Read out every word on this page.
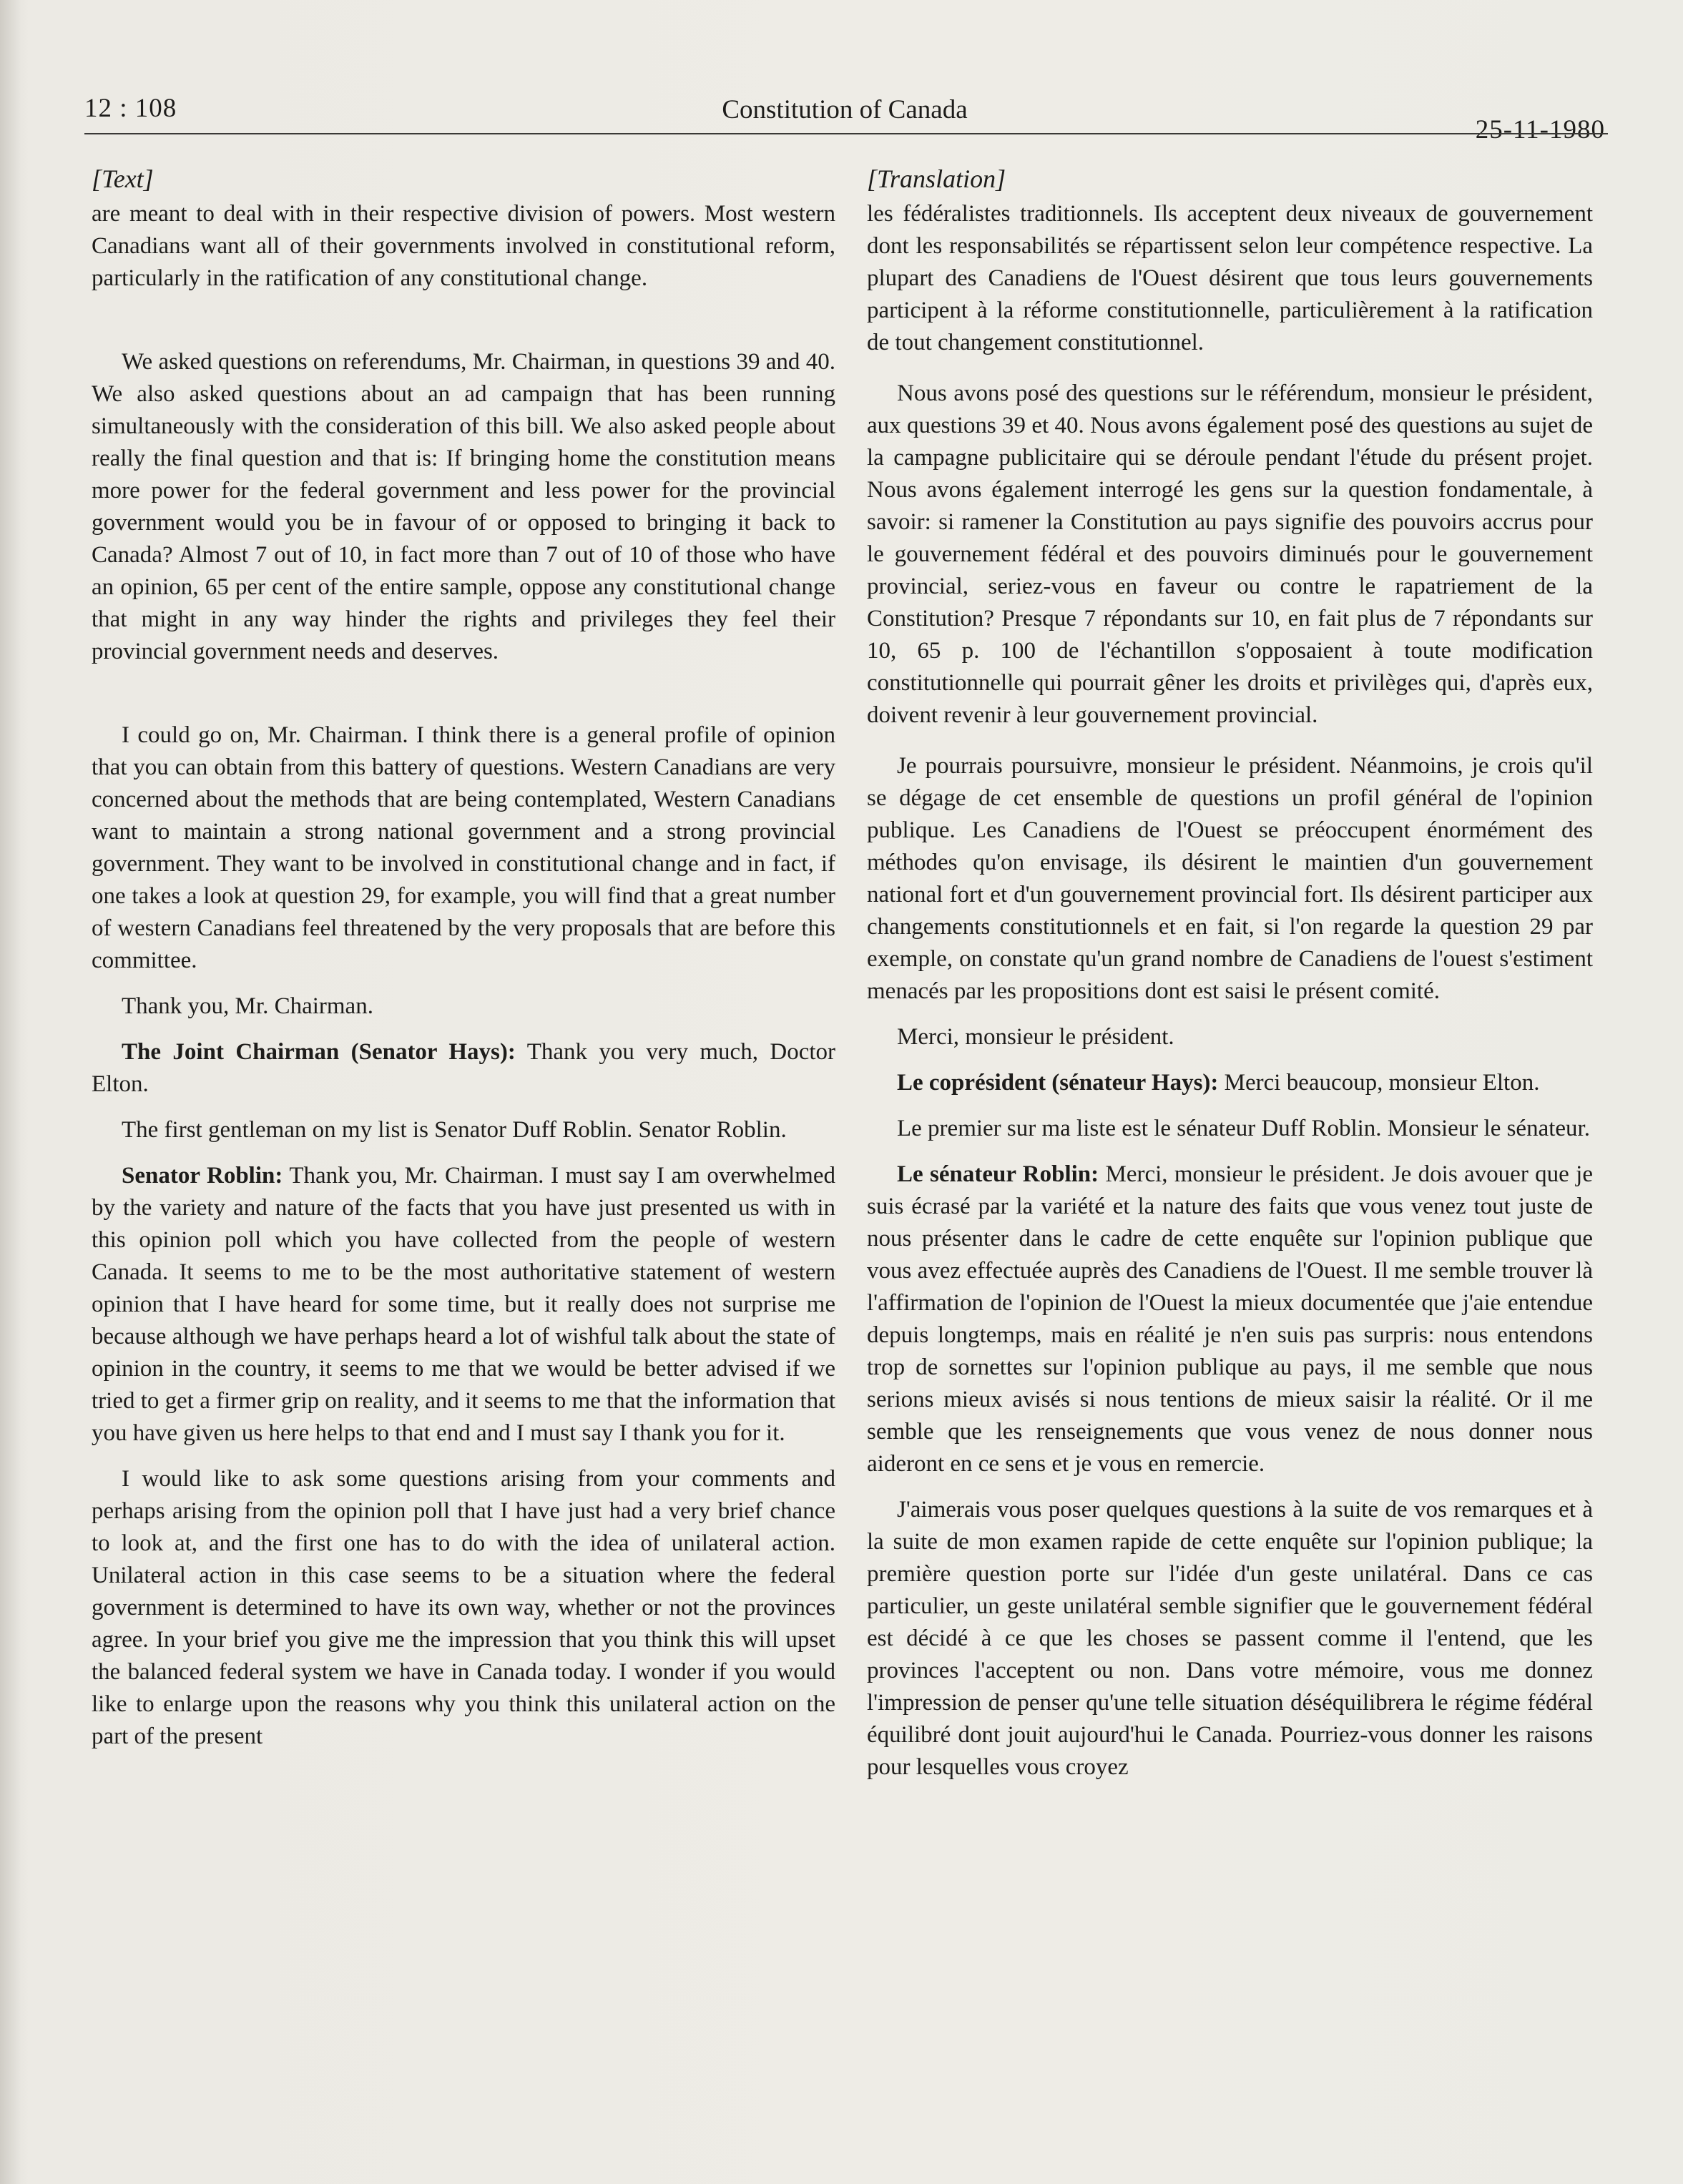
12 : 108	Constitution of Canada
25-11-1980
[Text]

are meant to deal with in their respective division of powers. Most western Canadians want all of their governments involved in constitutional reform, particularly in the ratification of any constitutional change.

We asked questions on referendums, Mr. Chairman, in questions 39 and 40. We also asked questions about an ad campaign that has been running simultaneously with the consideration of this bill. We also asked people about really the final question and that is: If bringing home the constitution means more power for the federal government and less power for the provincial government would you be in favour of or opposed to bringing it back to Canada? Almost 7 out of 10, in fact more than 7 out of 10 of those who have an opinion, 65 per cent of the entire sample, oppose any constitutional change that might in any way hinder the rights and privileges they feel their provincial government needs and deserves.

I could go on, Mr. Chairman. I think there is a general profile of opinion that you can obtain from this battery of questions. Western Canadians are very concerned about the methods that are being contemplated, Western Canadians want to maintain a strong national government and a strong provincial government. They want to be involved in constitutional change and in fact, if one takes a look at question 29, for example, you will find that a great number of western Canadians feel threatened by the very proposals that are before this committee.

Thank you, Mr. Chairman.

The Joint Chairman (Senator Hays): Thank you very much, Doctor Elton.

The first gentleman on my list is Senator Duff Roblin. Senator Roblin.

Senator Roblin: Thank you, Mr. Chairman. I must say I am overwhelmed by the variety and nature of the facts that you have just presented us with in this opinion poll which you have collected from the people of western Canada. It seems to me to be the most authoritative statement of western opinion that I have heard for some time, but it really does not surprise me because although we have perhaps heard a lot of wishful talk about the state of opinion in the country, it seems to me that we would be better advised if we tried to get a firmer grip on reality, and it seems to me that the information that you have given us here helps to that end and I must say I thank you for it.

I would like to ask some questions arising from your comments and perhaps arising from the opinion poll that I have just had a very brief chance to look at, and the first one has to do with the idea of unilateral action. Unilateral action in this case seems to be a situation where the federal government is determined to have its own way, whether or not the provinces agree. In your brief you give me the impression that you think this will upset the balanced federal system we have in Canada today. I wonder if you would like to enlarge upon the reasons why you think this unilateral action on the part of the present

[Translation]

les fédéralistes traditionnels. Ils acceptent deux niveaux de gouvernement dont les responsabilités se répartissent selon leur compétence respective. La plupart des Canadiens de l'Ouest désirent que tous leurs gouvernements participent à la réforme constitutionnelle, particulièrement à la ratification de tout changement constitutionnel.

Nous avons posé des questions sur le référendum, monsieur le président, aux questions 39 et 40. Nous avons également posé des questions au sujet de la campagne publicitaire qui se déroule pendant l'étude du présent projet. Nous avons également interrogé les gens sur la question fondamentale, à savoir: si ramener la Constitution au pays signifie des pouvoirs accrus pour le gouvernement fédéral et des pouvoirs diminués pour le gouvernement provincial, seriez-vous en faveur ou contre le rapatriement de la Constitution? Presque 7 répondants sur 10, en fait plus de 7 répondants sur 10, 65 p. 100 de l'échantillon s'opposaient à toute modification constitutionnelle qui pourrait gêner les droits et privilèges qui, d'après eux, doivent revenir à leur gouvernement provincial.

Je pourrais poursuivre, monsieur le président. Néanmoins, je crois qu'il se dégage de cet ensemble de questions un profil général de l'opinion publique. Les Canadiens de l'Ouest se préoccupent énormément des méthodes qu'on envisage, ils désirent le maintien d'un gouvernement national fort et d'un gouvernement provincial fort. Ils désirent participer aux changements constitutionnels et en fait, si l'on regarde la question 29 par exemple, on constate qu'un grand nombre de Canadiens de l'ouest s'estiment menacés par les propositions dont est saisi le présent comité.

Merci, monsieur le président.

Le coprésident (sénateur Hays): Merci beaucoup, monsieur Elton.

Le premier sur ma liste est le sénateur Duff Roblin. Monsieur le sénateur.

Le sénateur Roblin: Merci, monsieur le président. Je dois avouer que je suis écrasé par la variété et la nature des faits que vous venez tout juste de nous présenter dans le cadre de cette enquête sur l'opinion publique que vous avez effectuée auprès des Canadiens de l'Ouest. Il me semble trouver là l'affirmation de l'opinion de l'Ouest la mieux documentée que j'aie entendue depuis longtemps, mais en réalité je n'en suis pas surpris: nous entendons trop de sornettes sur l'opinion publique au pays, il me semble que nous serions mieux avisés si nous tentions de mieux saisir la réalité. Or il me semble que les renseignements que vous venez de nous donner nous aideront en ce sens et je vous en remercie.

J'aimerais vous poser quelques questions à la suite de vos remarques et à la suite de mon examen rapide de cette enquête sur l'opinion publique; la première question porte sur l'idée d'un geste unilatéral. Dans ce cas particulier, un geste unilatéral semble signifier que le gouvernement fédéral est décidé à ce que les choses se passent comme il l'entend, que les provinces l'acceptent ou non. Dans votre mémoire, vous me donnez l'impression de penser qu'une telle situation déséquilibrera le régime fédéral équilibré dont jouit aujourd'hui le Canada. Pourriez-vous donner les raisons pour lesquelles vous croyez
